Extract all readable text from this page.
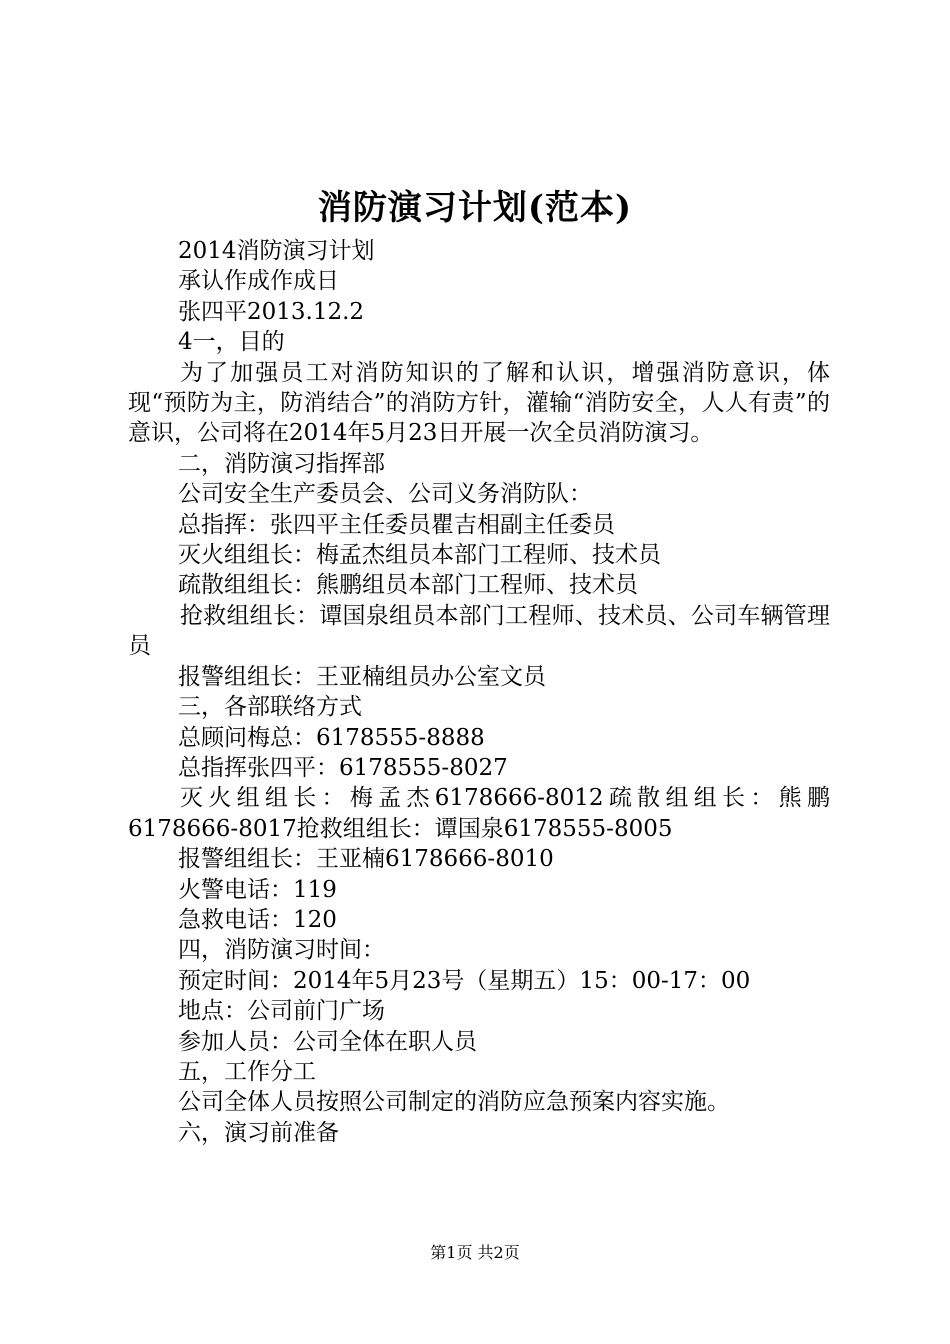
消防演习计划(范本)

2014消防演习计划

承认作成作成日

张四平2013.12.2

4一，目的

为了加强员工对消防知识的了解和认识，增强消防意识，体现“预防为主，防消结合”的消防方针，灌输“消防安全，人人有责”的意识，公司将在2014年5月23日开展一次全员消防演习。

二，消防演习指挥部

公司安全生产委员会、公司义务消防队：

总指挥：张四平主任委员瞿吉相副主任委员

灭火组组长：梅孟杰组员本部门工程师、技术员

疏散组组长：熊鹏组员本部门工程师、技术员

抢救组组长：谭国泉组员本部门工程师、技术员、公司车辆管理员

报警组组长：王亚楠组员办公室文员

三，各部联络方式

总顾问梅总：6178555-8888

总指挥张四平：6178555-8027

灭火组组长：梅孟杰6178666-8012疏散组组长：熊鹏6178666-8017抢救组组长：谭国泉6178555-8005

报警组组长：王亚楠6178666-8010

火警电话：119

急救电话：120

四，消防演习时间：

预定时间：2014年5月23号（星期五）15：00-17：00

地点：公司前门广场

参加人员：公司全体在职人员

五，工作分工

公司全体人员按照公司制定的消防应急预案内容实施。

六，演习前准备

第1页 共2页
